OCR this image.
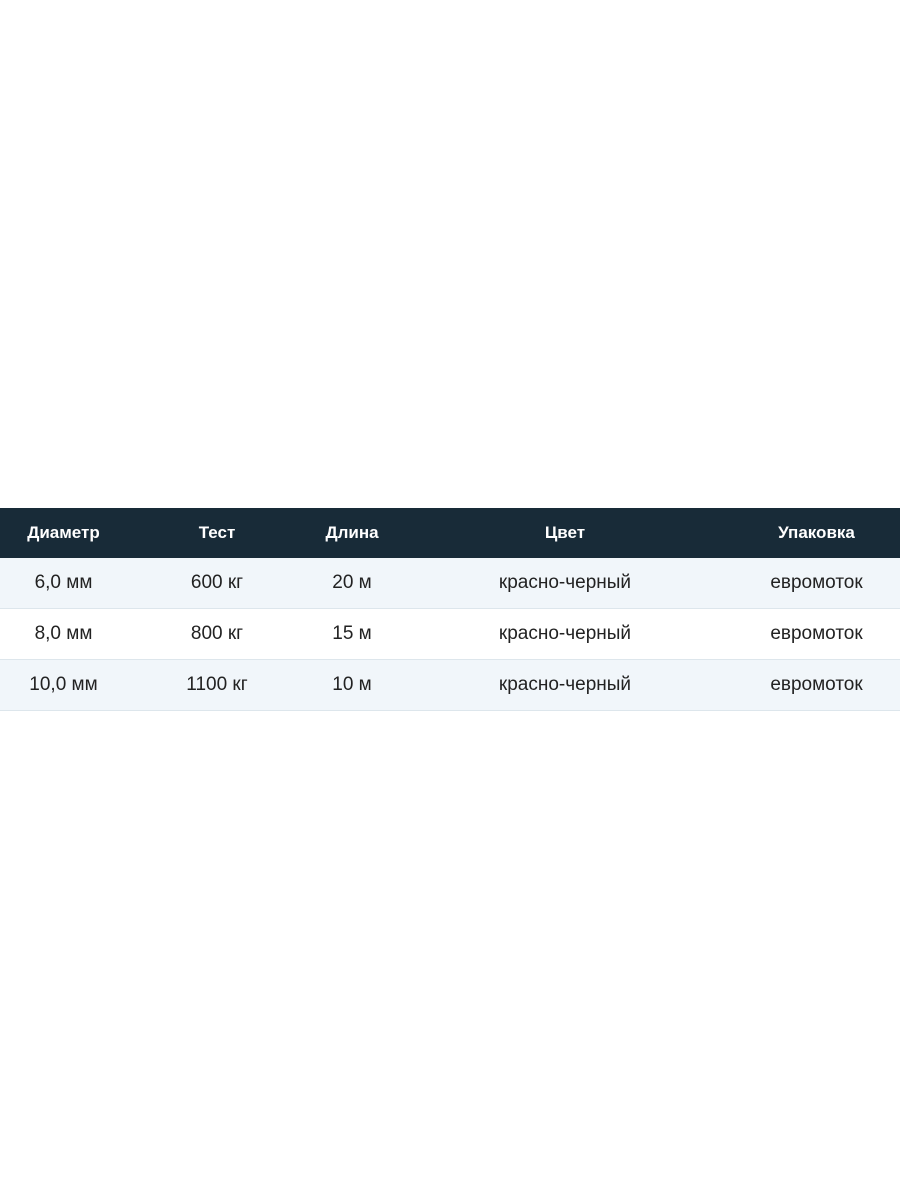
Диаметр	Тест	Длина	Цвет	Упаковка
6,0 мм	600 кг	20 м	красно-черный	евромоток
8,0 мм	800 кг	15 м	красно-черный	евромоток
10,0 мм	1100 кг	10 м	красно-черный	евромоток
